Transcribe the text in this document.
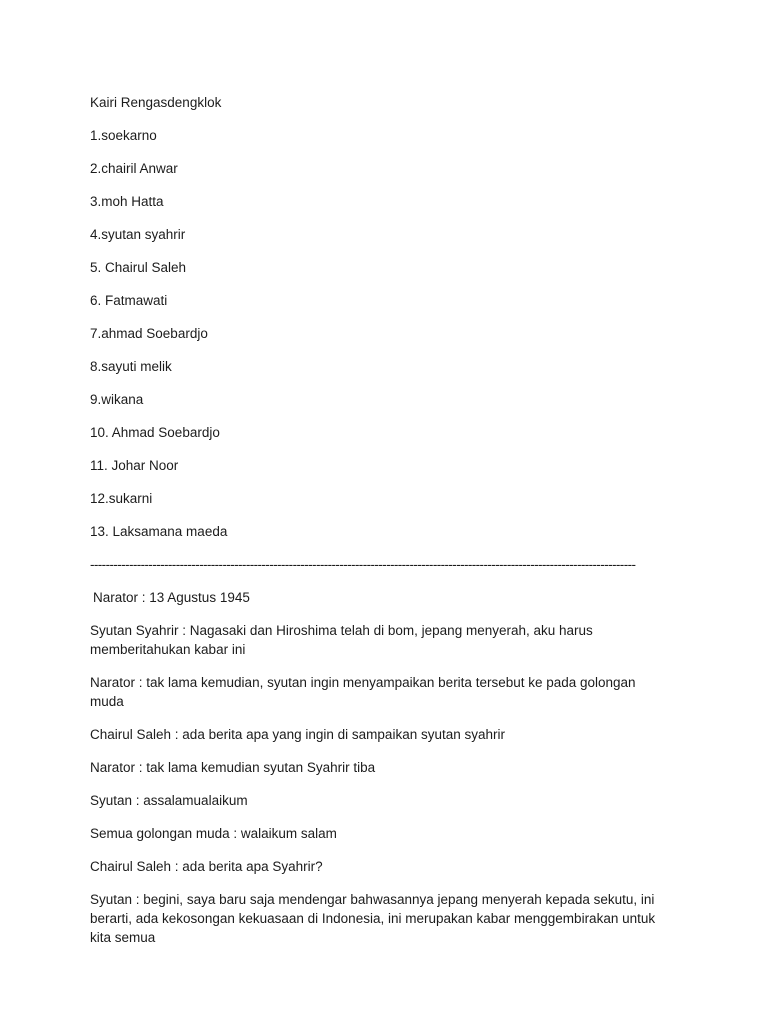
Kairi Rengasdengklok
1.soekarno
2.chairil Anwar
3.moh Hatta
4.syutan syahrir
5. Chairul Saleh
6. Fatmawati
7.ahmad Soebardjo
8.sayuti melik
9.wikana
10. Ahmad Soebardjo
11. Johar Noor
12.sukarni
13. Laksamana maeda
--------------------------------------------------------------------------------------------------------------------------------------------
Narator : 13 Agustus 1945
Syutan Syahrir : Nagasaki dan Hiroshima telah di bom, jepang menyerah, aku harus memberitahukan kabar ini
Narator : tak lama kemudian, syutan ingin menyampaikan berita tersebut ke pada golongan muda
Chairul Saleh : ada berita apa yang ingin di sampaikan syutan syahrir
Narator : tak lama kemudian syutan Syahrir tiba
Syutan : assalamualaikum
Semua golongan muda : walaikum salam
Chairul Saleh : ada berita apa Syahrir?
Syutan : begini, saya baru saja mendengar bahwasannya jepang menyerah kepada sekutu, ini berarti, ada kekosongan kekuasaan di Indonesia, ini merupakan kabar menggembirakan untuk kita semua
